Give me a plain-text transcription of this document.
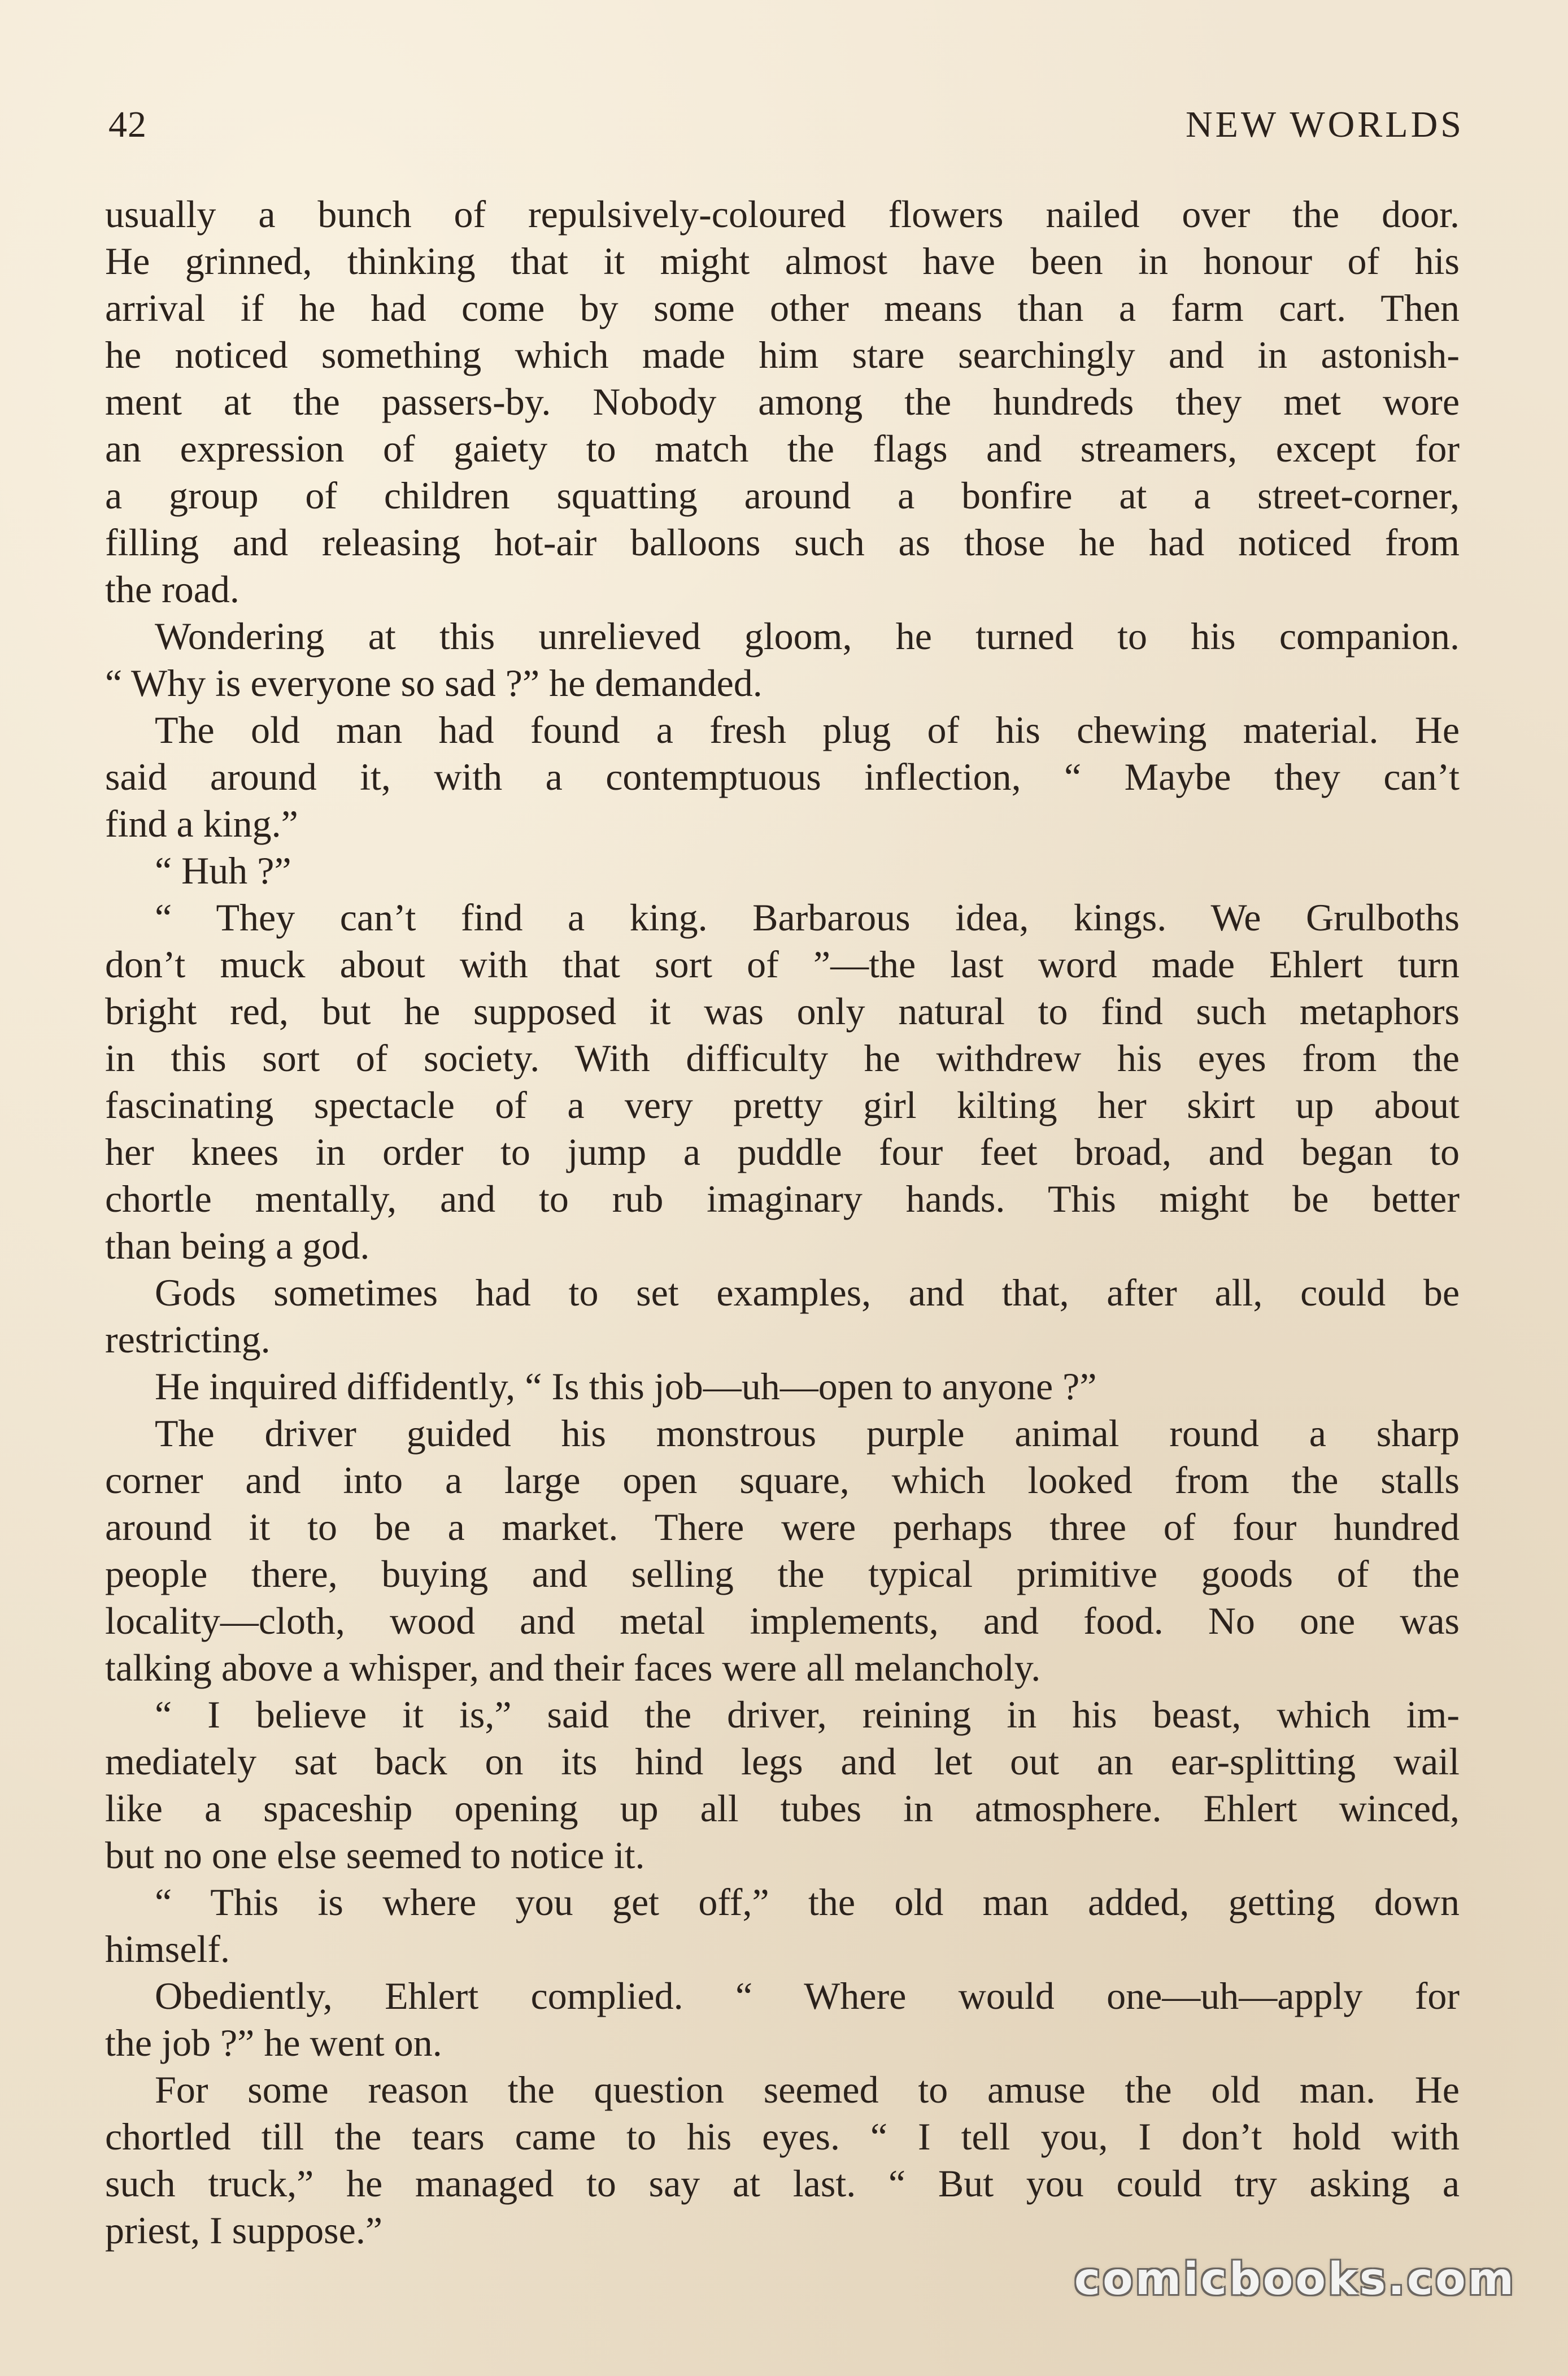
42	NEW WORLDS
usually a bunch of repulsively-coloured flowers nailed over the door.
He grinned, thinking that it might almost have been in honour of his
arrival if he had come by some other means than a farm cart. Then
he noticed something which made him stare searchingly and in astonish-
ment at the passers-by. Nobody among the hundreds they met wore
an expression of gaiety to match the flags and streamers, except for
a group of children squatting around a bonfire at a street-corner,
filling and releasing hot-air balloons such as those he had noticed from
the road.
Wondering at this unrelieved gloom, he turned to his companion.
“ Why is everyone so sad ?” he demanded.
The old man had found a fresh plug of his chewing material. He
said around it, with a contemptuous inflection, “ Maybe they can’t
find a king.”
“ Huh ?”
“ They can’t find a king. Barbarous idea, kings. We Grulboths
don’t muck about with that sort of ”—the last word made Ehlert turn
bright red, but he supposed it was only natural to find such metaphors
in this sort of society. With difficulty he withdrew his eyes from the
fascinating spectacle of a very pretty girl kilting her skirt up about
her knees in order to jump a puddle four feet broad, and began to
chortle mentally, and to rub imaginary hands. This might be better
than being a god.
Gods sometimes had to set examples, and that, after all, could be
restricting.
He inquired diffidently, “ Is this job—uh—open to anyone ?”
The driver guided his monstrous purple animal round a sharp
corner and into a large open square, which looked from the stalls
around it to be a market. There were perhaps three of four hundred
people there, buying and selling the typical primitive goods of the
locality—cloth, wood and metal implements, and food. No one was
talking above a whisper, and their faces were all melancholy.
“ I believe it is,” said the driver, reining in his beast, which im-
mediately sat back on its hind legs and let out an ear-splitting wail
like a spaceship opening up all tubes in atmosphere. Ehlert winced,
but no one else seemed to notice it.
“ This is where you get off,” the old man added, getting down
himself.
Obediently, Ehlert complied. “ Where would one—uh—apply for
the job ?” he went on.
For some reason the question seemed to amuse the old man. He
chortled till the tears came to his eyes. “ I tell you, I don’t hold with
such truck,” he managed to say at last. “ But you could try asking a
priest, I suppose.”
comicbooks.com
